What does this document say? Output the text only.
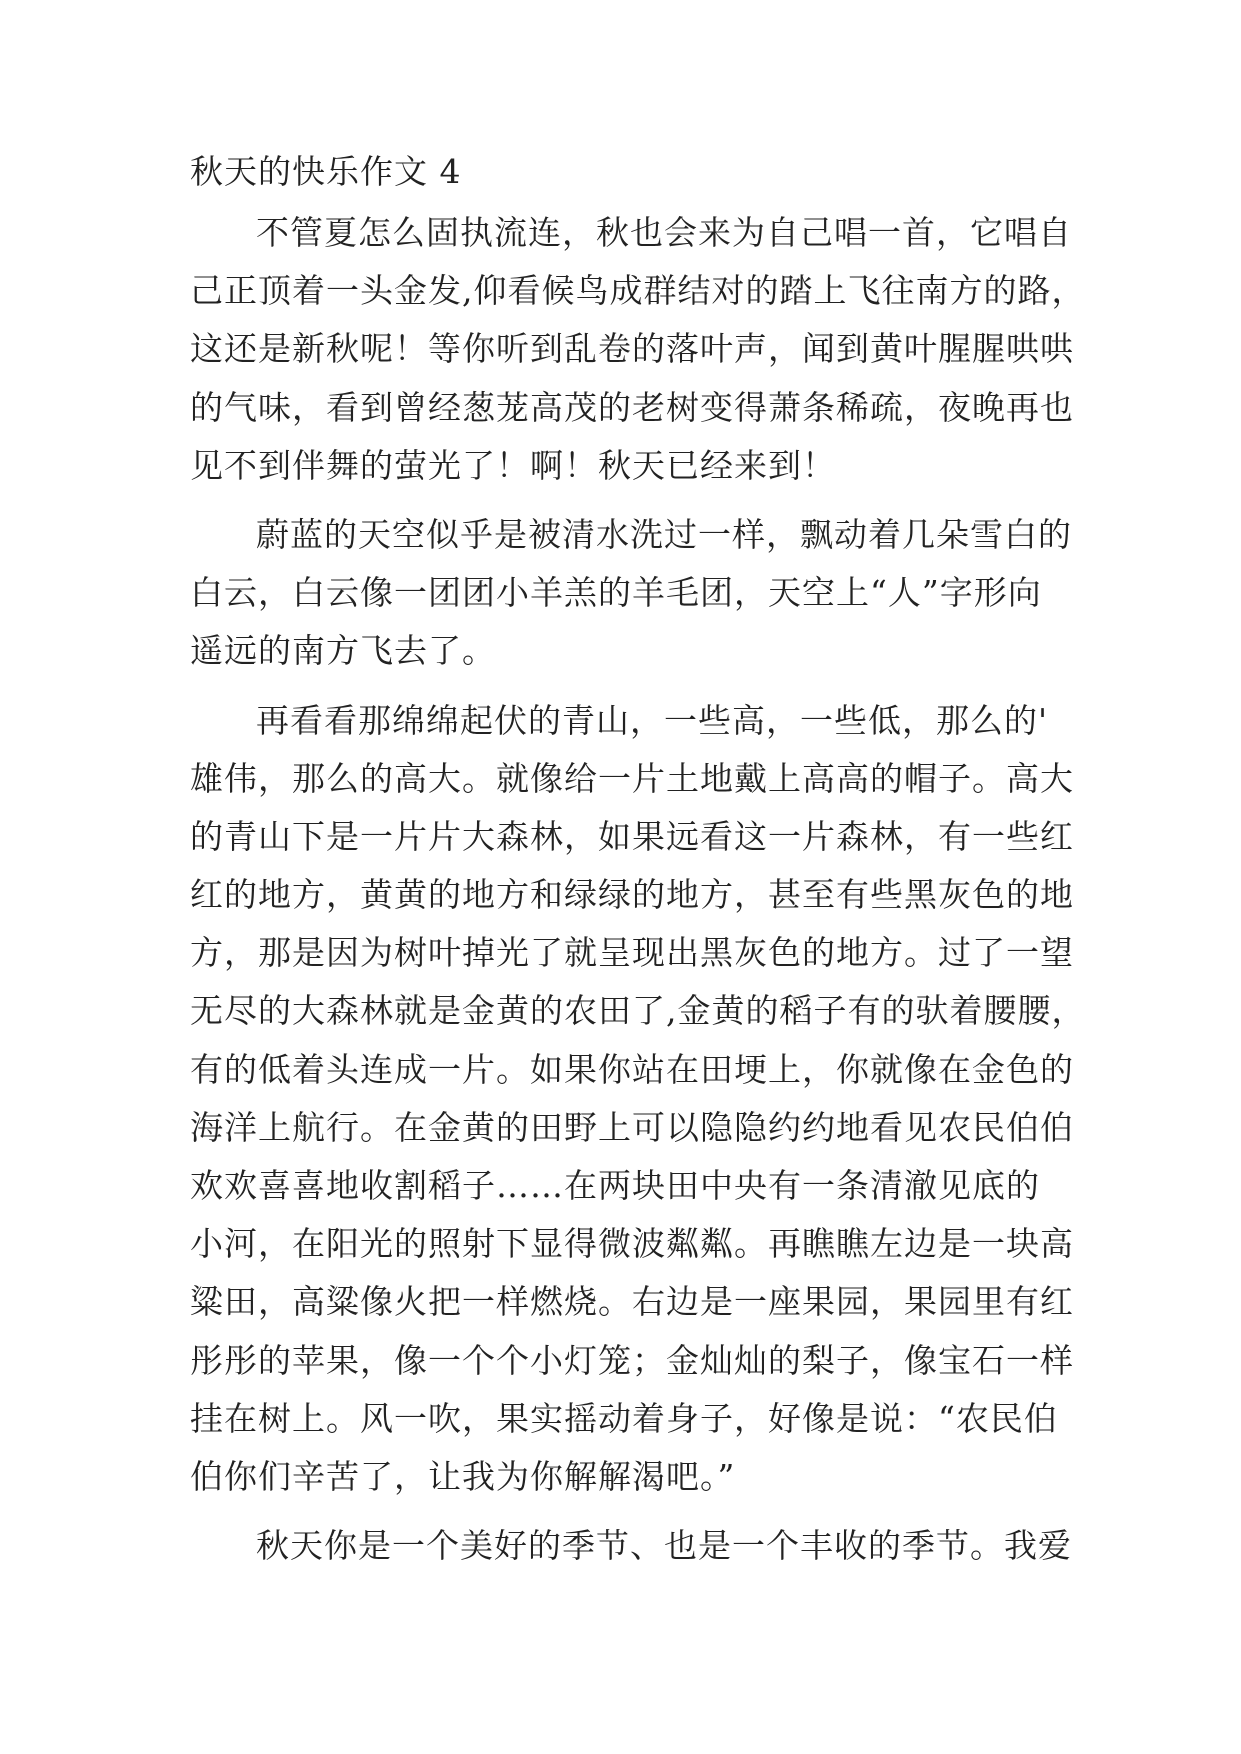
秋天的快乐作文 4
不管夏怎么固执流连，秋也会来为自己唱一首，它唱自
己正顶着一头金发,仰看候鸟成群结对的踏上飞往南方的路，
这还是新秋呢！等你听到乱卷的落叶声，闻到黄叶腥腥哄哄
的气味，看到曾经葱茏高茂的老树变得萧条稀疏，夜晚再也
见不到伴舞的萤光了！啊！秋天已经来到！
蔚蓝的天空似乎是被清水洗过一样，飘动着几朵雪白的
白云，白云像一团团小羊羔的羊毛团，天空上“人”字形向
遥远的南方飞去了。
再看看那绵绵起伏的青山，一些高，一些低，那么的'
雄伟，那么的高大。就像给一片土地戴上高高的帽子。高大
的青山下是一片片大森林，如果远看这一片森林，有一些红
红的地方，黄黄的地方和绿绿的地方，甚至有些黑灰色的地
方，那是因为树叶掉光了就呈现出黑灰色的地方。过了一望
无尽的大森林就是金黄的农田了,金黄的稻子有的驮着腰腰，
有的低着头连成一片。如果你站在田埂上，你就像在金色的
海洋上航行。在金黄的田野上可以隐隐约约地看见农民伯伯
欢欢喜喜地收割稻子……在两块田中央有一条清澈见底的
小河，在阳光的照射下显得微波粼粼。再瞧瞧左边是一块高
粱田，高粱像火把一样燃烧。右边是一座果园，果园里有红
彤彤的苹果，像一个个小灯笼；金灿灿的梨子，像宝石一样
挂在树上。风一吹，果实摇动着身子，好像是说：“农民伯
伯你们辛苦了，让我为你解解渴吧。”
秋天你是一个美好的季节、也是一个丰收的季节。我爱
